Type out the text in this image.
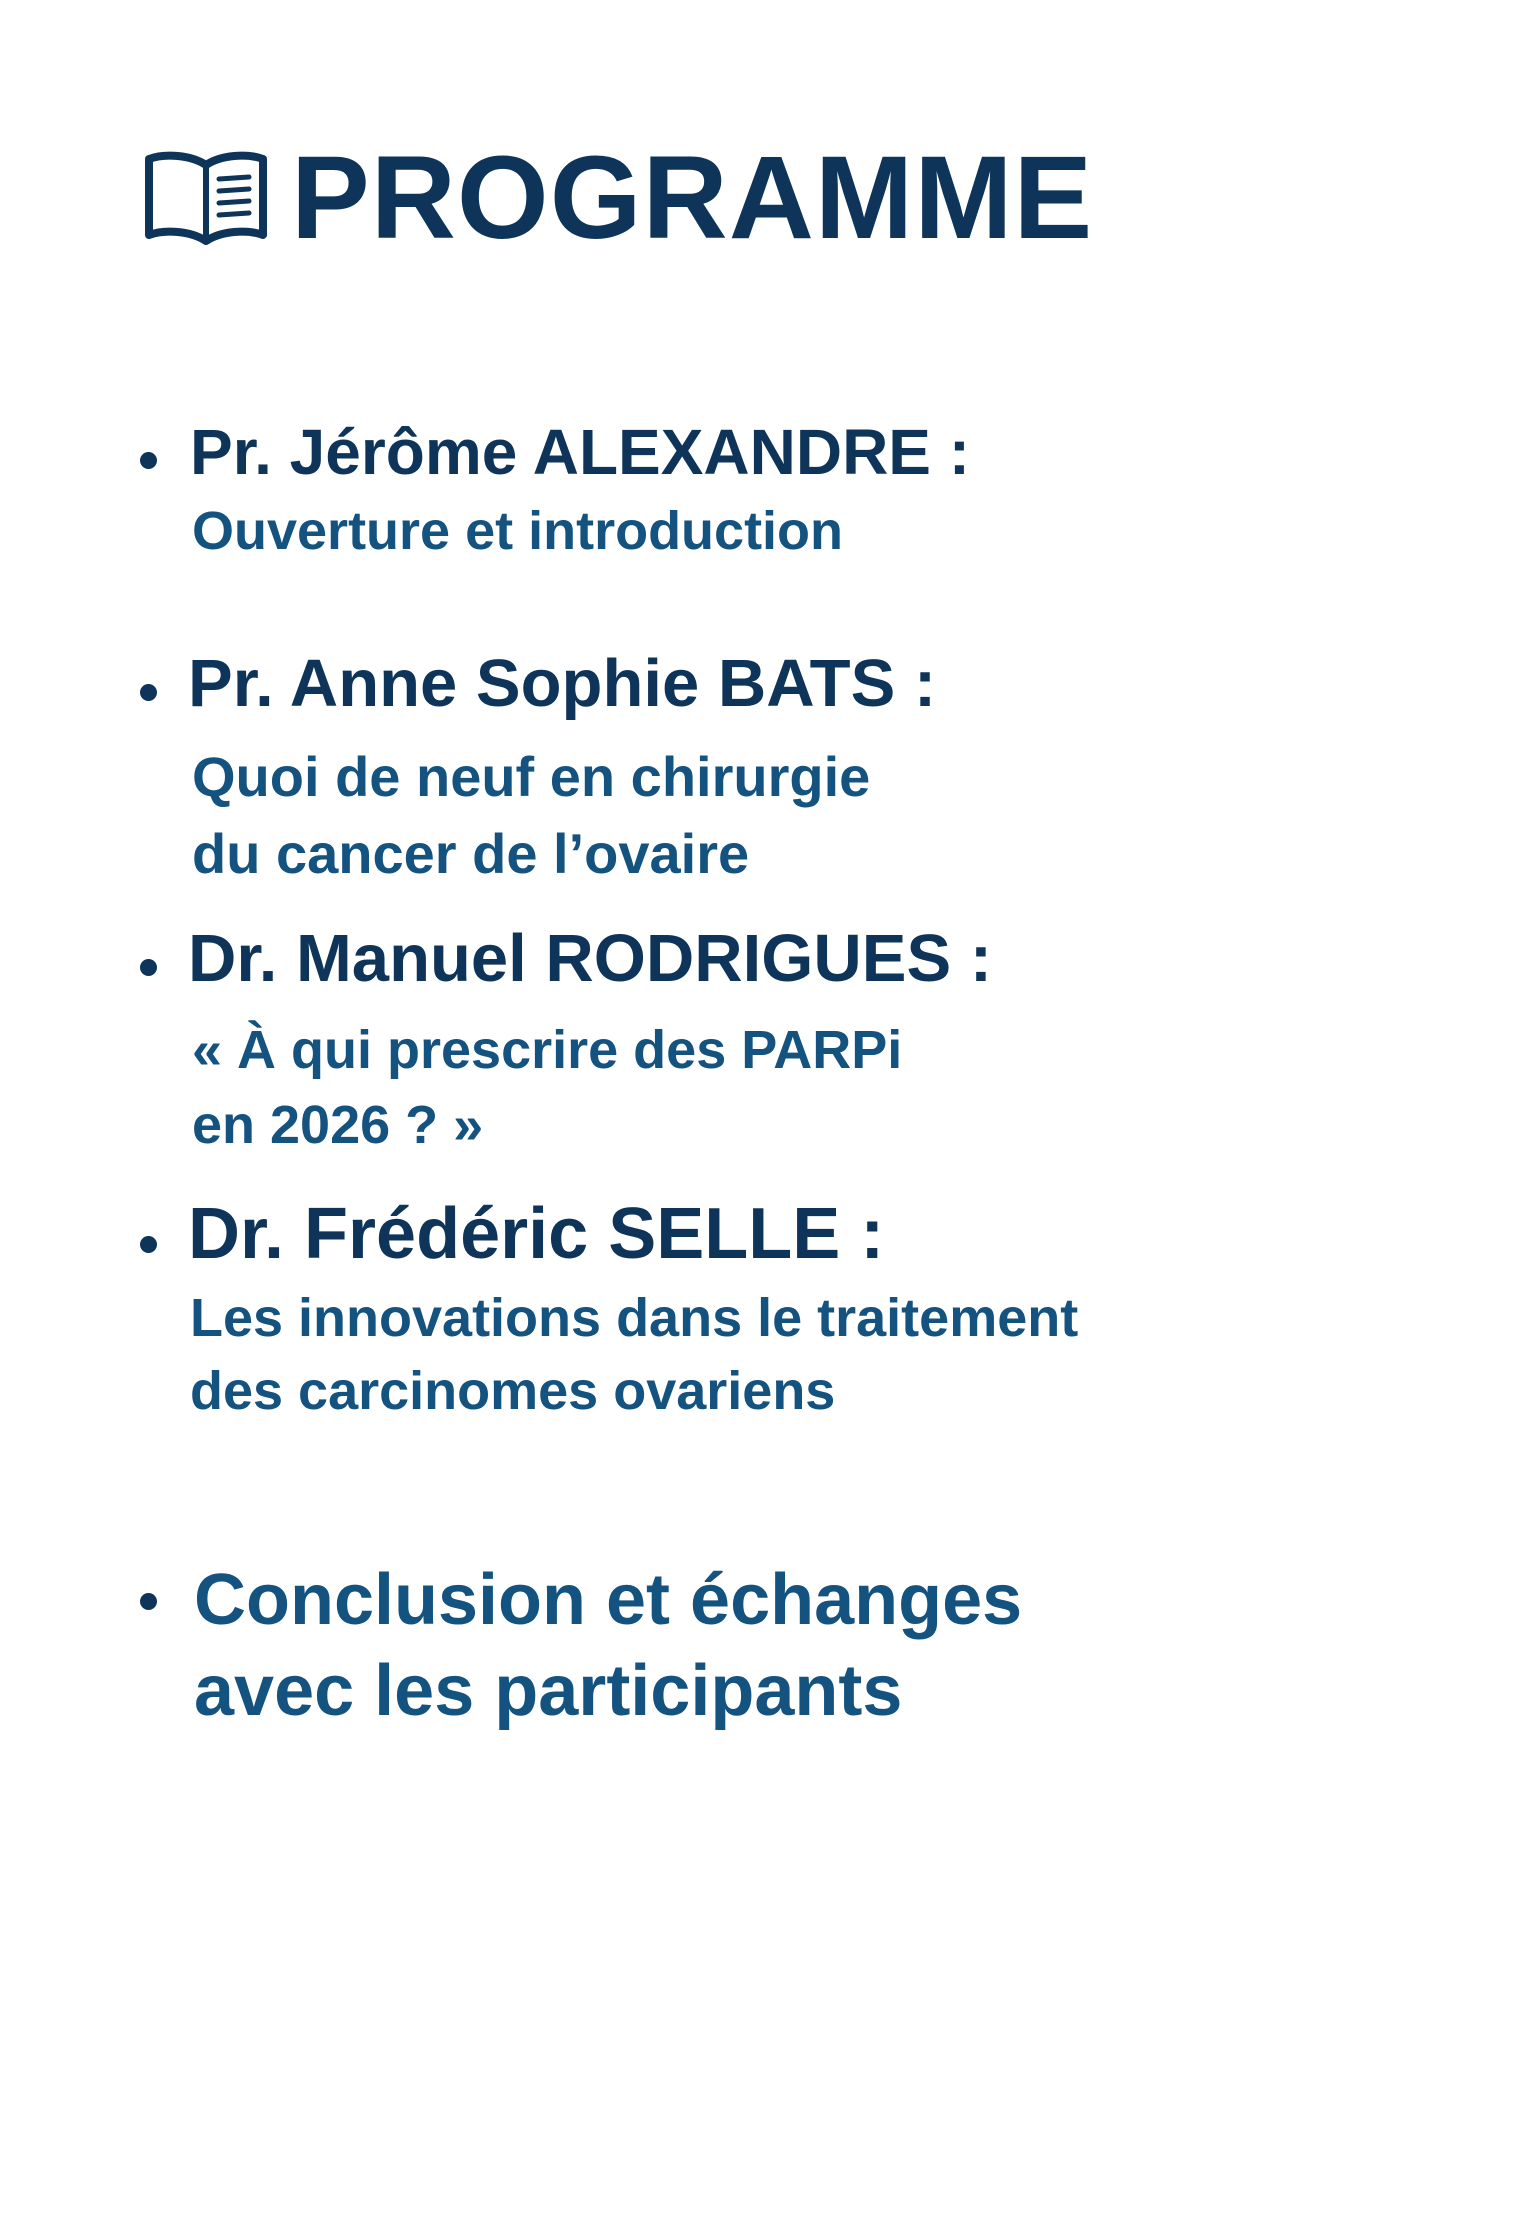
PROGRAMME
Pr. Jérôme ALEXANDRE :
Ouverture et introduction
Pr. Anne Sophie BATS :
Quoi de neuf en chirurgie
du cancer de l’ovaire
Dr. Manuel RODRIGUES :
« À qui prescrire des PARPi
en 2026 ? »
Dr. Frédéric SELLE :
Les innovations dans le traitement
des carcinomes ovariens
Conclusion et échanges
avec les participants
